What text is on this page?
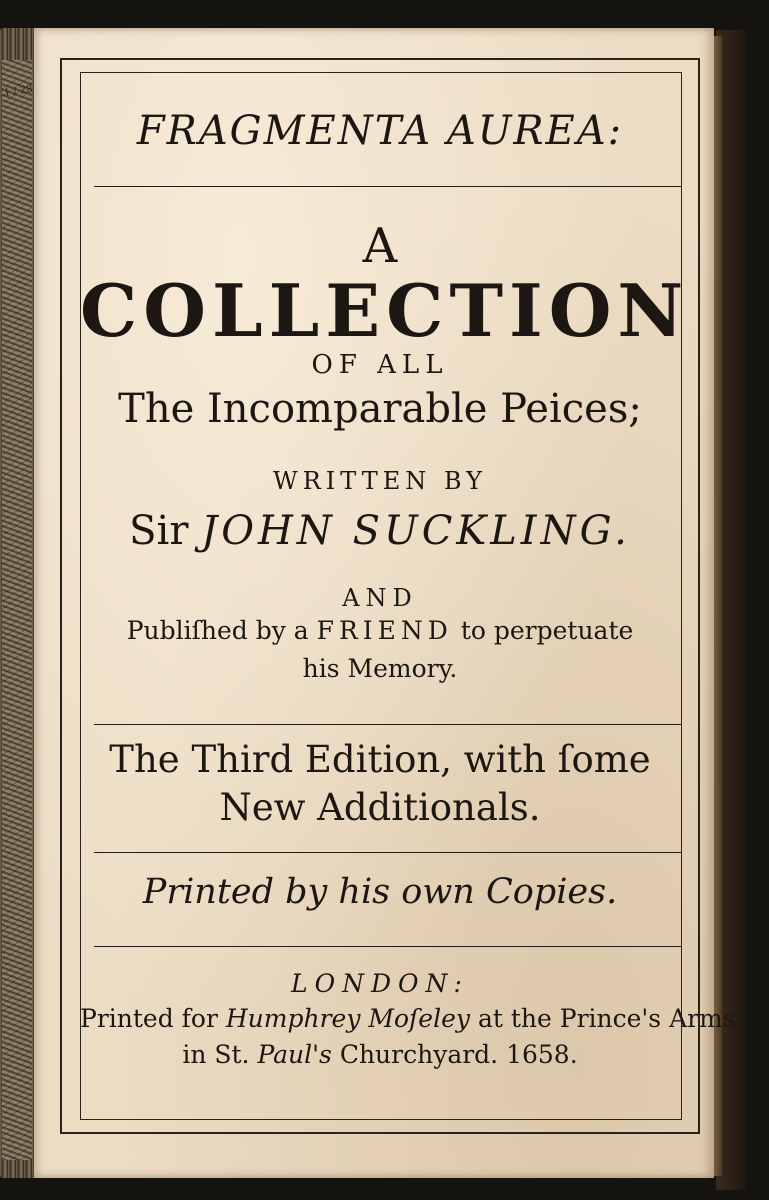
FRAGMENTA AUREA:
A
COLLECTION
OF ALL
The Incomparable Peices;
WRITTEN BY
Sir JOHN SUCKLING.
AND
Publiſhed by a FRIEND to perpetuate
his Memory.
The Third Edition, with ſome
New Additionals.
Printed by his own Copies.
LONDON:
Printed for Humphrey Moſeley at the Prince's Arms
in St. Paul's Churchyard. 1658.
1 / 28
